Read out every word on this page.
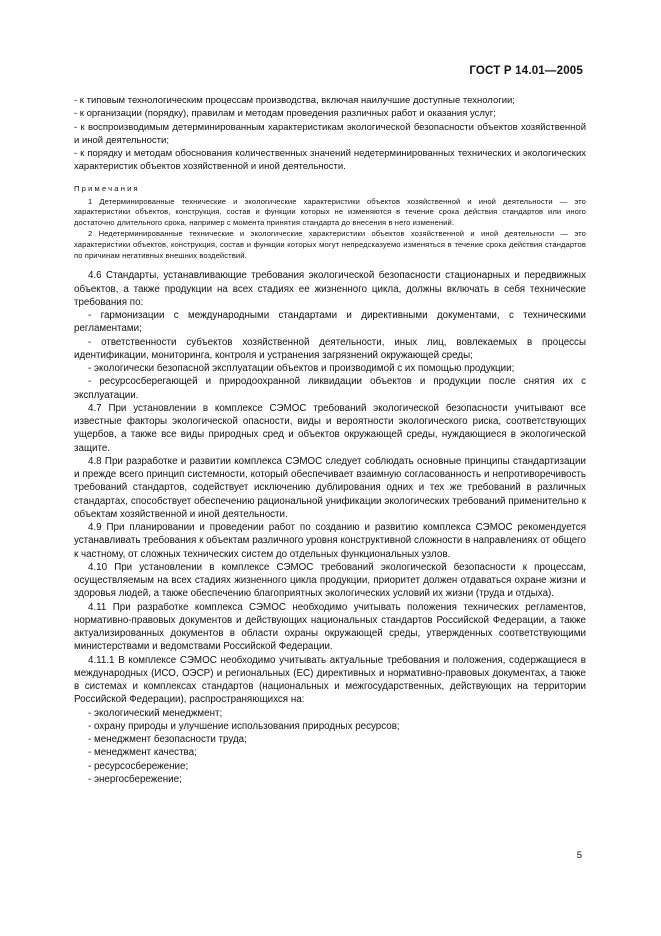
ГОСТ Р 14.01—2005

- к типовым технологическим процессам производства, включая наилучшие доступные технологии;

- к организации (порядку), правилам и методам проведения различных работ и оказания услуг;

- к воспроизводимым детерминированным характеристикам экологической безопасности объектов хозяйственной и иной деятельности;

- к порядку и методам обоснования количественных значений недетерминированных технических и экологических характеристик объектов хозяйственной и иной деятельности.

Примечания

1 Детерминированные технические и экологические характеристики объектов хозяйственной и иной деятельности — это характеристики объектов, конструкция, состав и функции которых не изменяются в течение срока действия стандартов или иного достаточно длительного срока, например с момента принятия стандарта до внесения в него изменений.

2 Недетерминированные технические и экологические характеристики объектов хозяйственной и иной деятельности — это характеристики объектов, конструкция, состав и функции которых могут непредсказуемо изменяться в течение срока действия стандартов по причинам негативных внешних воздействий.

4.6 Стандарты, устанавливающие требования экологической безопасности стационарных и передвижных объектов, а также продукции на всех стадиях ее жизненного цикла, должны включать в себя технические требования по:

- гармонизации с международными стандартами и директивными документами, с техническими регламентами;

- ответственности субъектов хозяйственной деятельности, иных лиц, вовлекаемых в процессы идентификации, мониторинга, контроля и устранения загрязнений окружающей среды;

- экологически безопасной эксплуатации объектов и производимой с их помощью продукции;

- ресурсосберегающей и природоохранной ликвидации объектов и продукции после снятия их с эксплуатации.

4.7 При установлении в комплексе СЭМОС требований экологической безопасности учитывают все известные факторы экологической опасности, виды и вероятности экологического риска, соответствующих ущербов, а также все виды природных сред и объектов окружающей среды, нуждающиеся в экологической защите.

4.8 При разработке и развитии комплекса СЭМОС следует соблюдать основные принципы стандартизации и прежде всего принцип системности, который обеспечивает взаимную согласованность и непротиворечивость требований стандартов, содействует исключению дублирования одних и тех же требований в различных стандартах, способствует обеспечению рациональной унификации экологических требований применительно к объектам хозяйственной и иной деятельности.

4.9 При планировании и проведении работ по созданию и развитию комплекса СЭМОС рекомендуется устанавливать требования к объектам различного уровня конструктивной сложности в направлениях от общего к частному, от сложных технических систем до отдельных функциональных узлов.

4.10 При установлении в комплексе СЭМОС требований экологической безопасности к процессам, осуществляемым на всех стадиях жизненного цикла продукции, приоритет должен отдаваться охране жизни и здоровья людей, а также обеспечению благоприятных экологических условий их жизни (труда и отдыха).

4.11 При разработке комплекса СЭМОС необходимо учитывать положения технических регламентов, нормативно-правовых документов и действующих национальных стандартов Российской Федерации, а также актуализированных документов в области охраны окружающей среды, утвержденных соответствующими министерствами и ведомствами Российской Федерации.

4.11.1 В комплексе СЭМОС необходимо учитывать актуальные требования и положения, содержащиеся в международных (ИСО, ОЭСР) и региональных (ЕС) директивных и нормативно-правовых документах, а также в системах и комплексах стандартов (национальных и межгосударственных, действующих на территории Российской Федерации), распространяющихся на:

- экологический менеджмент;

- охрану природы и улучшение использования природных ресурсов;

- менеджмент безопасности труда;

- менеджмент качества;

- ресурсосбережение;

- энергосбережение;

5
